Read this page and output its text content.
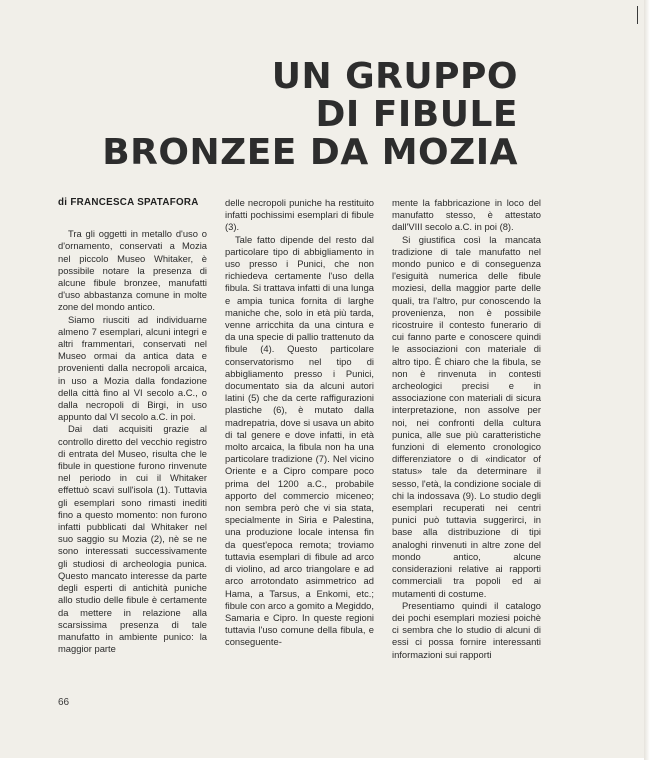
UN GRUPPO
DI FIBULE
BRONZEE DA MOZIA
di FRANCESCA SPATAFORA

Tra gli oggetti in metallo d'uso o d'ornamento, conservati a Mozia nel piccolo Museo Whitaker, è possibile notare la presenza di alcune fibule bronzee, manufatti d'uso abbastanza comune in molte zone del mondo antico.

Siamo riusciti ad individuarne almeno 7 esemplari, alcuni integri e altri frammentari, conservati nel Museo ormai da antica data e provenienti dalla necropoli arcaica, in uso a Mozia dalla fondazione della città fino al VI secolo a.C., o dalla necropoli di Birgi, in uso appunto dal VI secolo a.C. in poi.

Dai dati acquisiti grazie al controllo diretto del vecchio registro di entrata del Museo, risulta che le fibule in questione furono rinvenute nel periodo in cui il Whitaker effettuò scavi sull'isola (1). Tuttavia gli esemplari sono rimasti inediti fino a questo momento: non furono infatti pubblicati dal Whitaker nel suo saggio su Mozia (2), nè se ne sono interessati successivamente gli studiosi di archeologia punica. Questo mancato interesse da parte degli esperti di antichità puniche allo studio delle fibule è certamente da mettere in relazione alla scarsissima presenza di tale manufatto in ambiente punico: la maggior parte

delle necropoli puniche ha restituito infatti pochissimi esemplari di fibule (3).

Tale fatto dipende del resto dal particolare tipo di abbigliamento in uso presso i Punici, che non richiedeva certamente l'uso della fibula. Si trattava infatti di una lunga e ampia tunica fornita di larghe maniche che, solo in età più tarda, venne arricchita da una cintura e da una specie di pallio trattenuto da fibule (4). Questo particolare conservatorismo nel tipo di abbigliamento presso i Punici, documentato sia da alcuni autori latini (5) che da certe raffigurazioni plastiche (6), è mutato dalla madrepatria, dove si usava un abito di tal genere e dove infatti, in età molto arcaica, la fibula non ha una particolare tradizione (7). Nel vicino Oriente e a Cipro compare poco prima del 1200 a.C., probabile apporto del commercio miceneo; non sembra però che vi sia stata, specialmente in Siria e Palestina, una produzione locale intensa fin da quest'epoca remota; troviamo tuttavia esemplari di fibule ad arco di violino, ad arco triangolare e ad arco arrotondato asimmetrico ad Hama, a Tarsus, a Enkomi, etc.; fibule con arco a gomito a Megiddo, Samaria e Cipro. In queste regioni tuttavia l'uso comune della fibula, e conseguente-

mente la fabbricazione in loco del manufatto stesso, è attestato dall'VIII secolo a.C. in poi (8).

Si giustifica così la mancata tradizione di tale manufatto nel mondo punico e di conseguenza l'esiguità numerica delle fibule moziesi, della maggior parte delle quali, tra l'altro, pur conoscendo la provenienza, non è possibile ricostruire il contesto funerario di cui fanno parte e conoscere quindi le associazioni con materiale di altro tipo. È chiaro che la fibula, se non è rinvenuta in contesti archeologici precisi e in associazione con materiali di sicura interpretazione, non assolve per noi, nei confronti della cultura punica, alle sue più caratteristiche funzioni di elemento cronologico differenziatore o di «indicator of status» tale da determinare il sesso, l'età, la condizione sociale di chi la indossava (9). Lo studio degli esemplari recuperati nei centri punici può tuttavia suggerirci, in base alla distribuzione di tipi analoghi rinvenuti in altre zone del mondo antico, alcune considerazioni relative ai rapporti commerciali tra popoli ed ai mutamenti di costume.

Presentiamo quindi il catalogo dei pochi esemplari moziesi poichè ci sembra che lo studio di alcuni di essi ci possa fornire interessanti informazioni sui rapporti

66
